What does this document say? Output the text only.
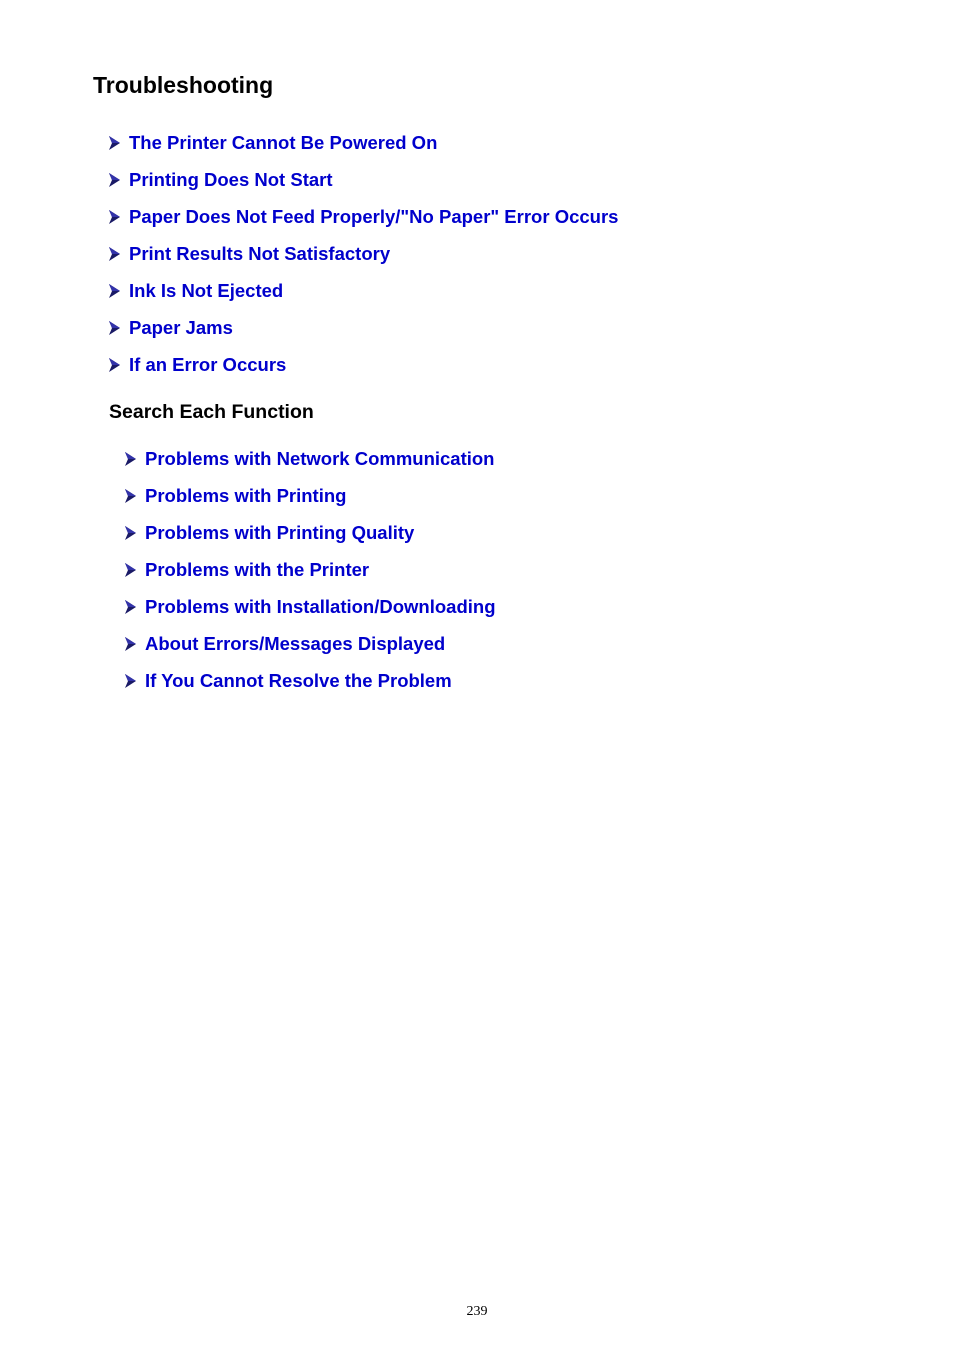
Troubleshooting
The Printer Cannot Be Powered On
Printing Does Not Start
Paper Does Not Feed Properly/"No Paper" Error Occurs
Print Results Not Satisfactory
Ink Is Not Ejected
Paper Jams
If an Error Occurs
Search Each Function
Problems with Network Communication
Problems with Printing
Problems with Printing Quality
Problems with the Printer
Problems with Installation/Downloading
About Errors/Messages Displayed
If You Cannot Resolve the Problem
239
